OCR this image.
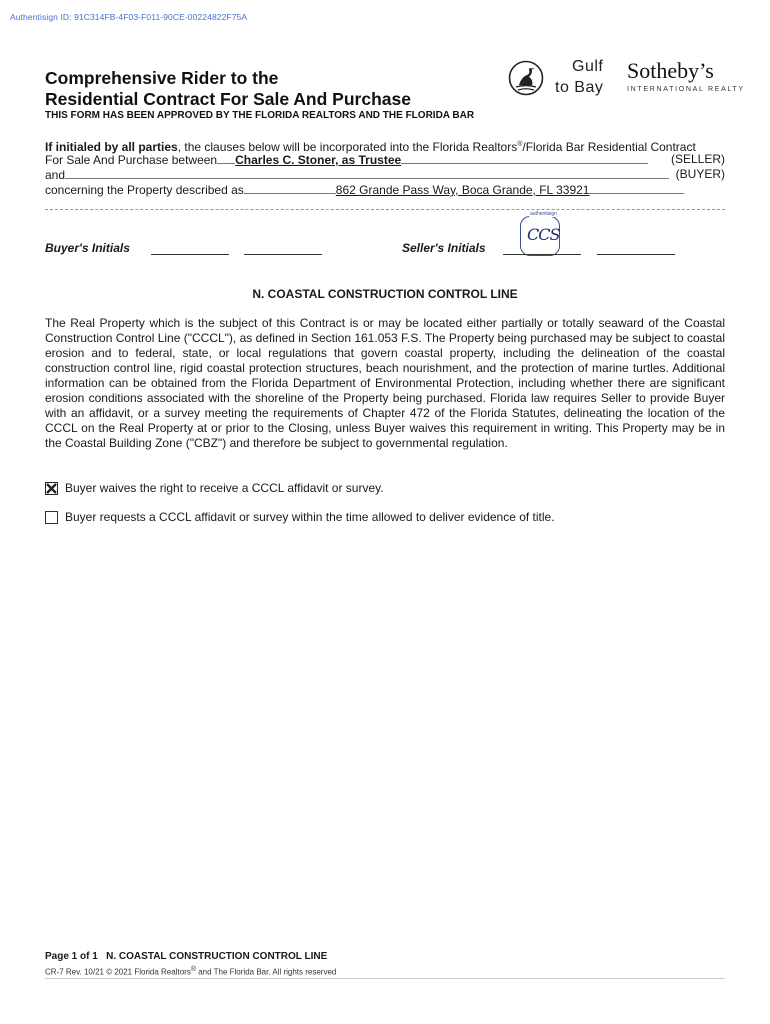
Authentisign ID: 91C314FB-4F03-F011-90CE-00224822F75A
Comprehensive Rider to the
Residential Contract For Sale And Purchase
THIS FORM HAS BEEN APPROVED BY THE FLORIDA REALTORS AND THE FLORIDA BAR
Gulf
to Bay
Sotheby’s
INTERNATIONAL REALTY
If initialed by all parties, the clauses below will be incorporated into the Florida Realtors®/Florida Bar Residential Contract
For Sale And Purchase between Charles C. Stoner, as Trustee	(SELLER)
and	(BUYER)
concerning the Property described as	862 Grande Pass Way, Boca Grande, FL 33921
authentisign
CCS
Buyer's Initials	Seller's Initials
N. COASTAL CONSTRUCTION CONTROL LINE
The Real Property which is the subject of this Contract is or may be located either partially or totally seaward of the Coastal Construction Control Line ("CCCL"), as defined in Section 161.053 F.S. The Property being purchased may be subject to coastal erosion and to federal, state, or local regulations that govern coastal property, including the delineation of the coastal construction control line, rigid coastal protection structures, beach nourishment, and the protection of marine turtles. Additional information can be obtained from the Florida Department of Environmental Protection, including whether there are significant erosion conditions associated with the shoreline of the Property being purchased. Florida law requires Seller to provide Buyer with an affidavit, or a survey meeting the requirements of Chapter 472 of the Florida Statutes, delineating the location of the CCCL on the Real Property at or prior to the Closing, unless Buyer waives this requirement in writing. This Property may be in the Coastal Building Zone ("CBZ") and therefore be subject to governmental regulation.
Buyer waives the right to receive a CCCL affidavit or survey.
Buyer requests a CCCL affidavit or survey within the time allowed to deliver evidence of title.
Page 1 of 1 N. COASTAL CONSTRUCTION CONTROL LINE
CR-7 Rev. 10/21 © 2021 Florida Realtors® and The Florida Bar. All rights reserved
